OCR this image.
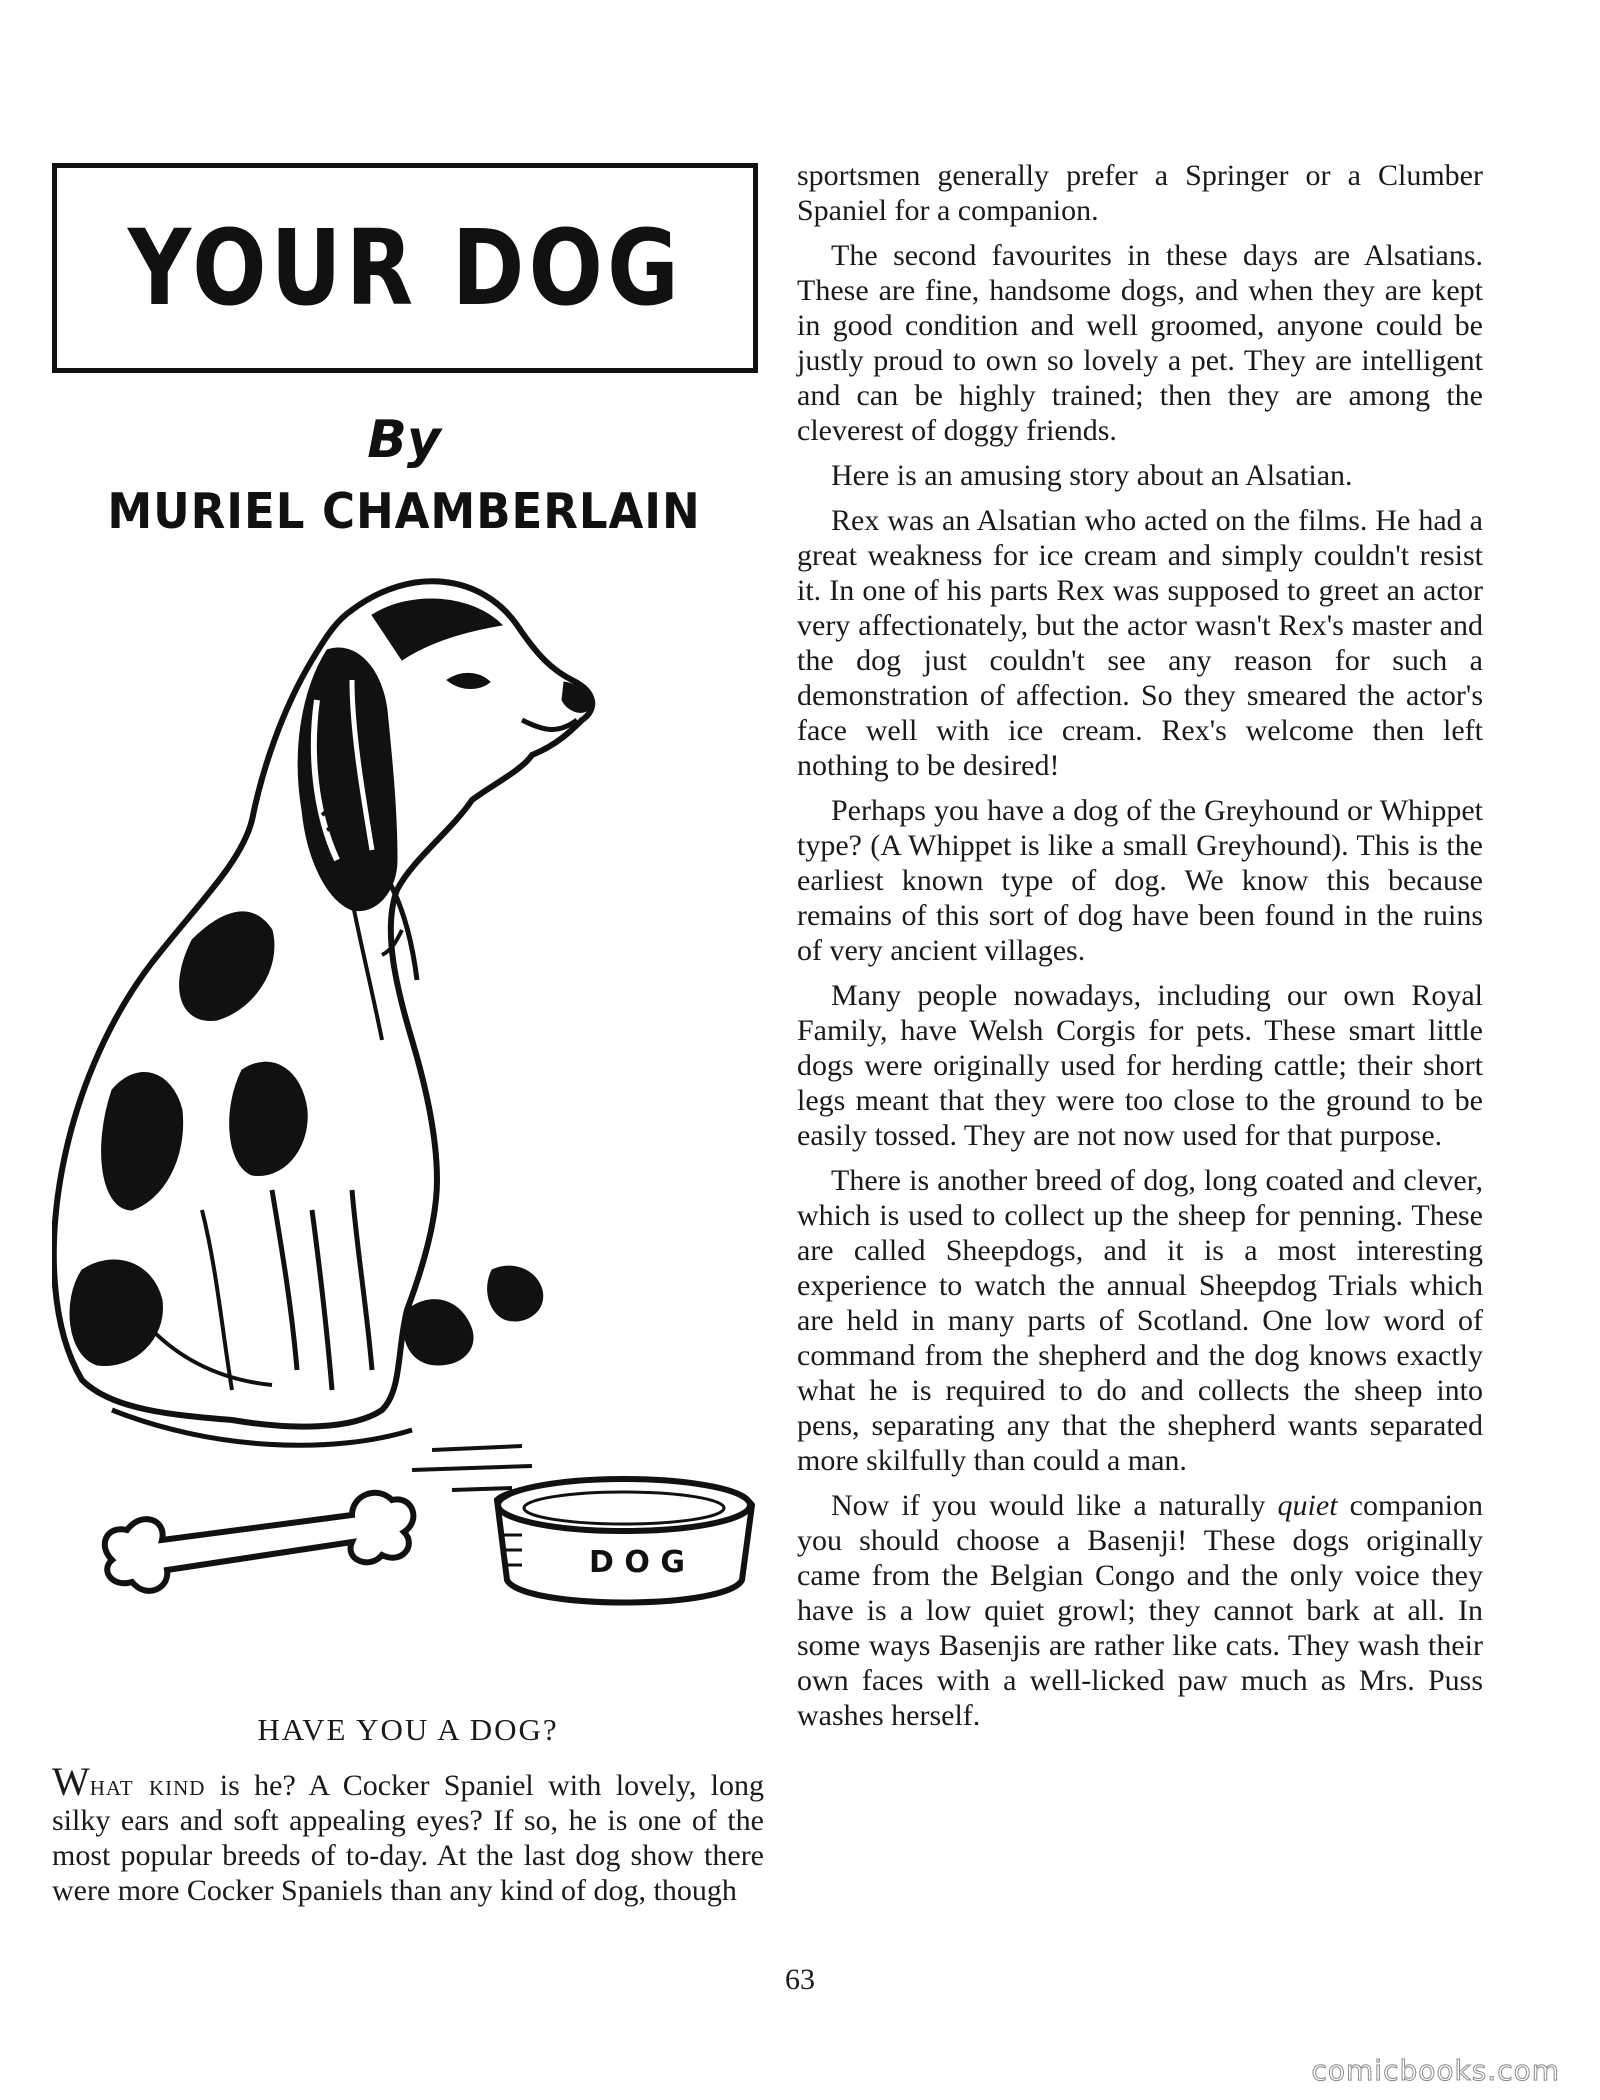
YOUR DOG
By
MURIEL CHAMBERLAIN
D O G
HAVE YOU A DOG?
What kind is he? A Cocker Spaniel with lovely, long silky ears and soft appealing eyes? If so, he is one of the most popular breeds of to-day. At the last dog show there were more Cocker Spaniels than any kind of dog, though

sportsmen generally prefer a Springer or a Clumber Spaniel for a companion.

The second favourites in these days are Alsatians. These are fine, handsome dogs, and when they are kept in good condition and well groomed, anyone could be justly proud to own so lovely a pet. They are intelligent and can be highly trained; then they are among the cleverest of doggy friends.

Here is an amusing story about an Alsatian.

Rex was an Alsatian who acted on the films. He had a great weakness for ice cream and simply couldn't resist it. In one of his parts Rex was supposed to greet an actor very affectionately, but the actor wasn't Rex's master and the dog just couldn't see any reason for such a demonstration of affection. So they smeared the actor's face well with ice cream. Rex's welcome then left nothing to be desired!

Perhaps you have a dog of the Greyhound or Whippet type? (A Whippet is like a small Greyhound). This is the earliest known type of dog. We know this because remains of this sort of dog have been found in the ruins of very ancient villages.

Many people nowadays, including our own Royal Family, have Welsh Corgis for pets. These smart little dogs were originally used for herding cattle; their short legs meant that they were too close to the ground to be easily tossed. They are not now used for that purpose.

There is another breed of dog, long coated and clever, which is used to collect up the sheep for penning. These are called Sheepdogs, and it is a most interesting experience to watch the annual Sheepdog Trials which are held in many parts of Scotland. One low word of command from the shepherd and the dog knows exactly what he is required to do and collects the sheep into pens, separating any that the shepherd wants separated more skilfully than could a man.

Now if you would like a naturally quiet companion you should choose a Basenji! These dogs originally came from the Belgian Congo and the only voice they have is a low quiet growl; they cannot bark at all. In some ways Basenjis are rather like cats. They wash their own faces with a well-licked paw much as Mrs. Puss washes herself.

63
comicbooks.com
